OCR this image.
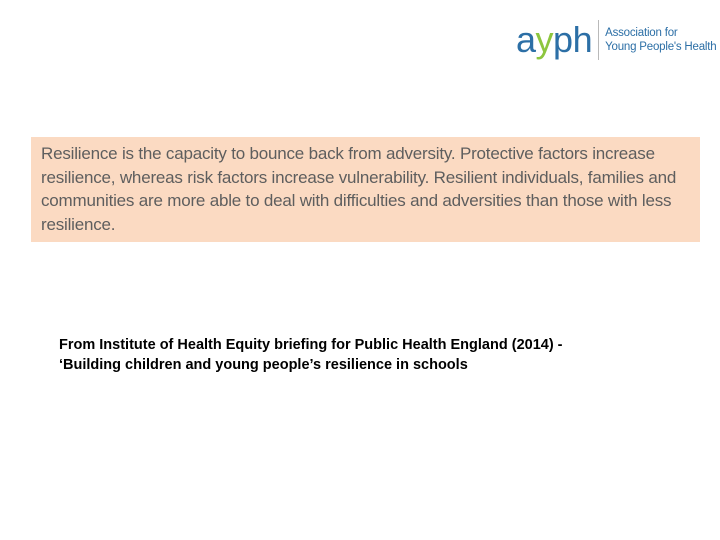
a y p h Association for
Young People's Health

Resilience is the capacity to bounce back from adversity. Protective factors increase resilience, whereas risk factors increase vulnerability. Resilient individuals, families and communities are more able to deal with difficulties and adversities than those with less resilience.

From Institute of Health Equity briefing for Public Health England (2014) -
‘Building children and young people’s resilience in schools
